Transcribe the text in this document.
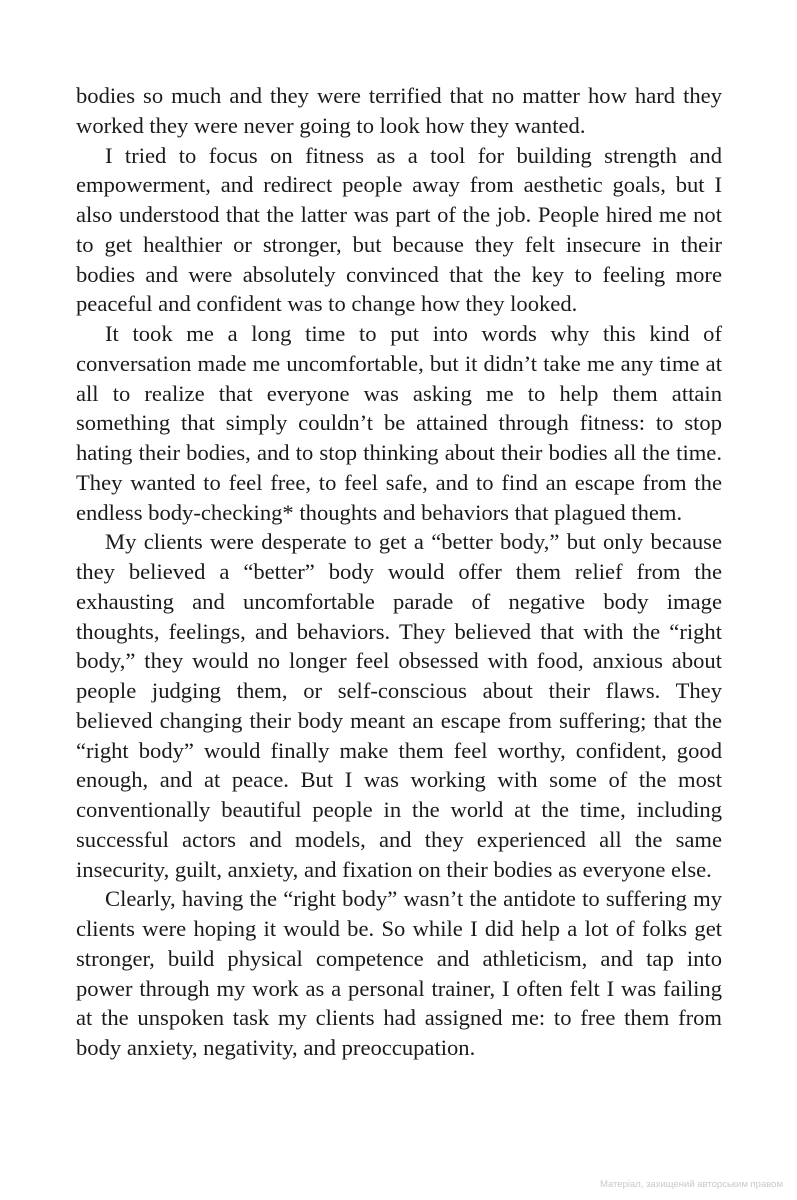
bodies so much and they were terrified that no matter how hard they worked they were never going to look how they wanted.

I tried to focus on fitness as a tool for building strength and empowerment, and redirect people away from aesthetic goals, but I also understood that the latter was part of the job. People hired me not to get healthier or stronger, but because they felt insecure in their bodies and were absolutely convinced that the key to feeling more peaceful and confident was to change how they looked.

It took me a long time to put into words why this kind of conversation made me uncomfortable, but it didn’t take me any time at all to realize that everyone was asking me to help them attain something that simply couldn’t be attained through fitness: to stop hating their bodies, and to stop thinking about their bodies all the time. They wanted to feel free, to feel safe, and to find an escape from the endless body-checking* thoughts and behaviors that plagued them.

My clients were desperate to get a “better body,” but only because they believed a “better” body would offer them relief from the exhausting and uncomfortable parade of negative body image thoughts, feelings, and behaviors. They believed that with the “right body,” they would no longer feel obsessed with food, anxious about people judging them, or self-conscious about their flaws. They believed changing their body meant an escape from suffering; that the “right body” would finally make them feel worthy, confident, good enough, and at peace. But I was working with some of the most conventionally beautiful people in the world at the time, including successful actors and models, and they experienced all the same insecurity, guilt, anxiety, and fixation on their bodies as everyone else.

Clearly, having the “right body” wasn’t the antidote to suffering my clients were hoping it would be. So while I did help a lot of folks get stronger, build physical competence and athleticism, and tap into power through my work as a personal trainer, I often felt I was failing at the unspoken task my clients had assigned me: to free them from body anxiety, negativity, and preoccupation.

Матеріал, захищений авторським правом
